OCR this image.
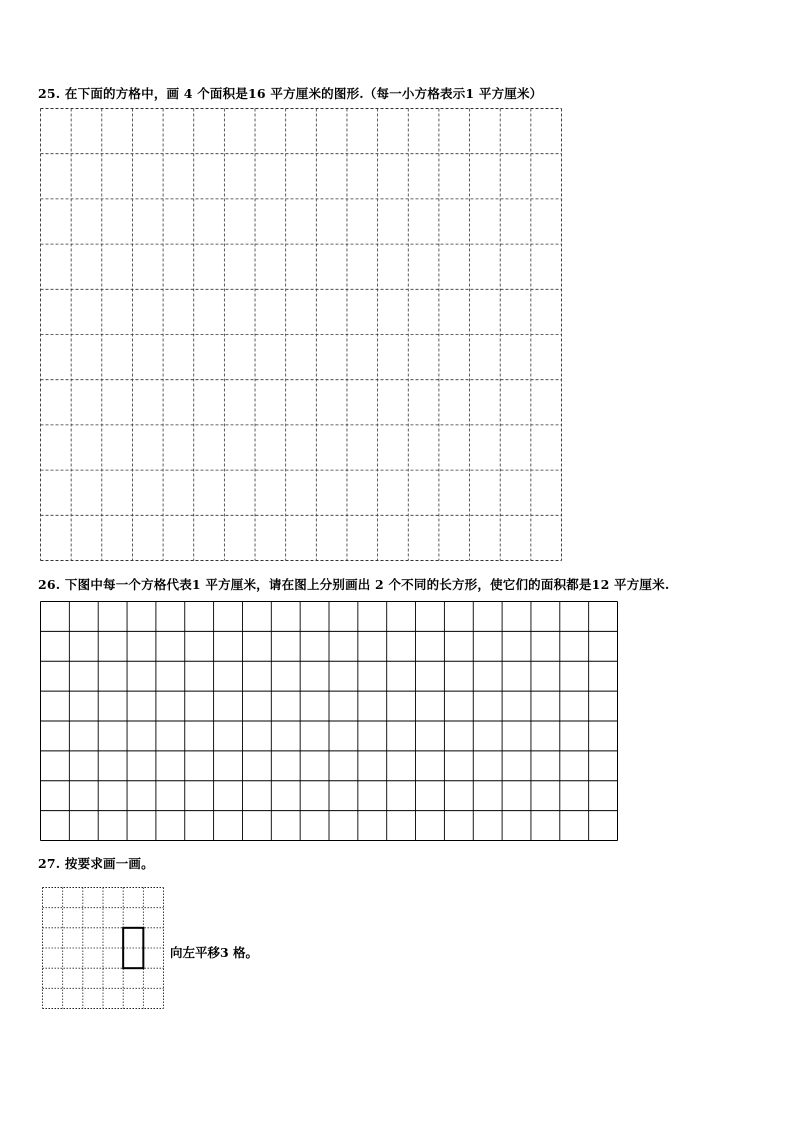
25. 在下面的方格中，画 4 个面积是16 平方厘米的图形.（每一小方格表示1 平方厘米）
26. 下图中每一个方格代表1 平方厘米，请在图上分别画出 2 个不同的长方形，使它们的面积都是12 平方厘米.
27. 按要求画一画。
向左平移3 格。
